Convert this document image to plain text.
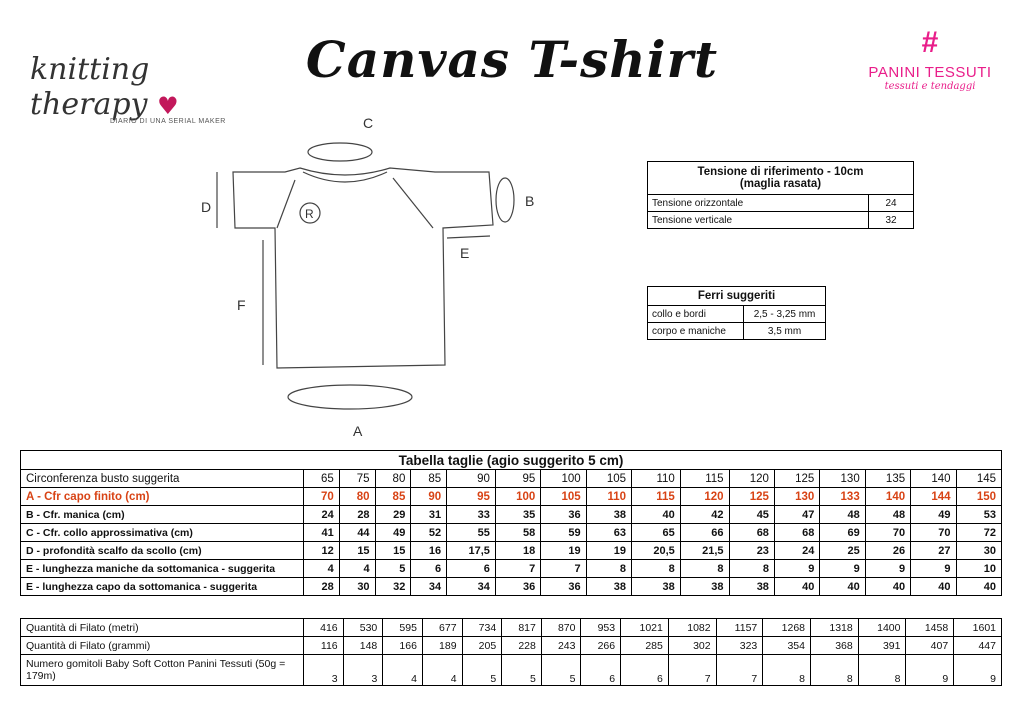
Canvas T-shirt
knitting therapy ♥
DIARIO DI UNA SERIAL MAKER
#
PANINI TESSUTI
tessuti e tendaggi
C
B
D
E
F
R
A
Tensione di riferimento - 10cm
(maglia rasata)	
Tensione orizzontale	24
Tensione verticale	32
Ferri suggeriti	
collo e bordi	2,5 - 3,25 mm
corpo e maniche	3,5 mm
Tabella taglie (agio suggerito 5 cm)																
Circonferenza busto suggerita	65	75	80	85	90	95	100	105	110	115	120	125	130	135	140	145
A - Cfr capo finito (cm)	70	80	85	90	95	100	105	110	115	120	125	130	133	140	144	150
B - Cfr. manica (cm)	24	28	29	31	33	35	36	38	40	42	45	47	48	48	49	53
C - Cfr. collo approssimativa (cm)	41	44	49	52	55	58	59	63	65	66	68	68	69	70	70	72
D - profondità scalfo da scollo (cm)	12	15	15	16	17,5	18	19	19	20,5	21,5	23	24	25	26	27	30
E - lunghezza maniche da sottomanica - suggerita	4	4	5	6	6	7	7	8	8	8	8	9	9	9	9	10
E - lunghezza capo da sottomanica - suggerita	28	30	32	34	34	36	36	38	38	38	38	40	40	40	40	40
Quantità di Filato (metri)	416	530	595	677	734	817	870	953	1021	1082	1157	1268	1318	1400	1458	1601
Quantità di Filato (grammi)	116	148	166	189	205	228	243	266	285	302	323	354	368	391	407	447
Numero gomitoli Baby Soft Cotton Panini Tessuti (50g = 179m)	3	3	4	4	5	5	5	6	6	7	7	8	8	8	9	9
